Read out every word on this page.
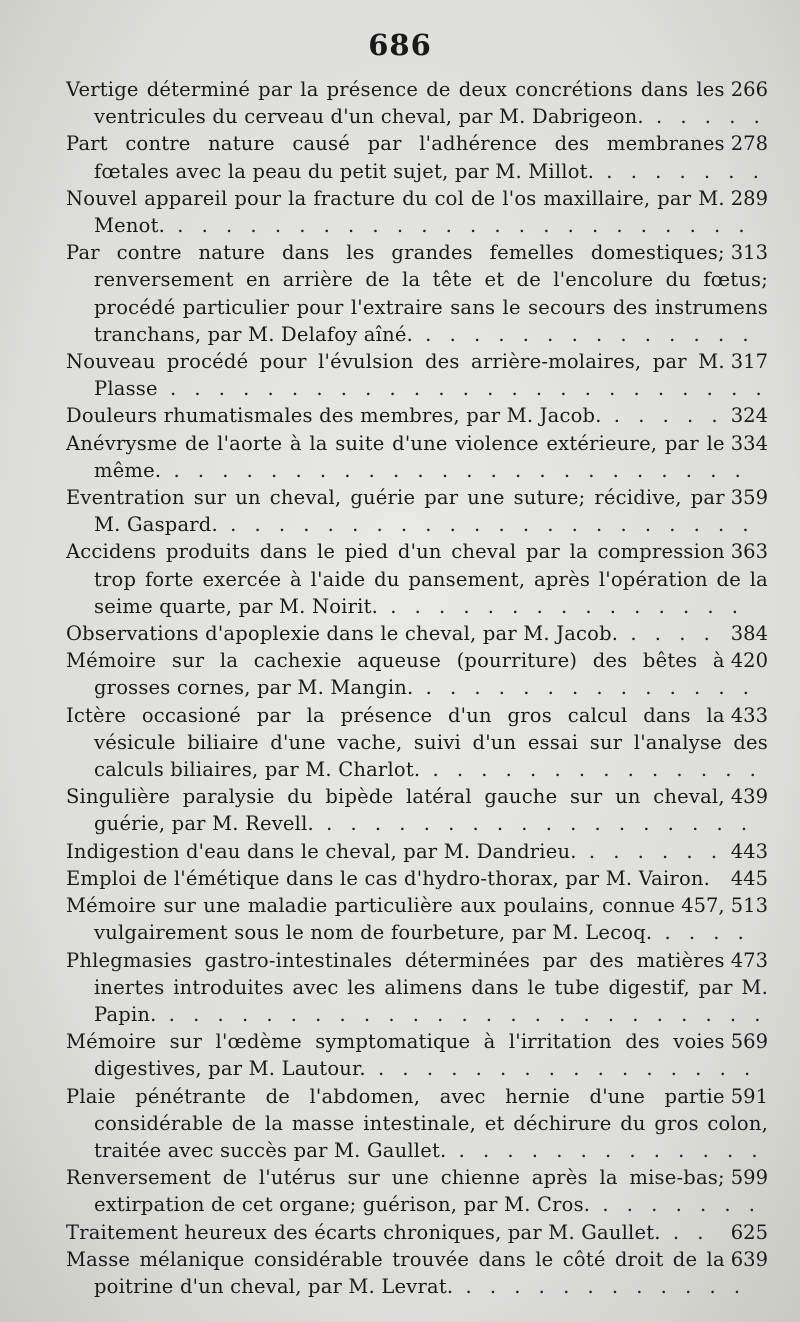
686
266
Vertige déterminé par la présence de deux concrétions dans les ventricules du cerveau d'un cheval, par M. Dabrigeon. . . . . .
278
Part contre nature causé par l'adhérence des membranes fœtales avec la peau du petit sujet, par M. Millot. . . . . . . .
289
Nouvel appareil pour la fracture du col de l'os maxillaire, par M. Menot. . . . . . . . . . . . . . . . . . . . . . . . .
313
Par contre nature dans les grandes femelles domestiques; renversement en arrière de la tête et de l'encolure du fœtus; procédé particulier pour l'extraire sans le secours des instrumens tranchans, par M. Delafoy aîné. . . . . . . . . . . . . . .
317
Nouveau procédé pour l'évulsion des arrière-molaires, par M. Plasse . . . . . . . . . . . . . . . . . . . . . . . . .
324
Douleurs rhumatismales des membres, par M. Jacob. . . . . .
334
Anévrysme de l'aorte à la suite d'une violence extérieure, par le même. . . . . . . . . . . . . . . . . . . . . . . . .
359
Eventration sur un cheval, guérie par une suture; récidive, par M. Gaspard. . . . . . . . . . . . . . . . . . . . . . .
363
Accidens produits dans le pied d'un cheval par la compression trop forte exercée à l'aide du pansement, après l'opération de la seime quarte, par M. Noirit. . . . . . . . . . . . . . . .
384
Observations d'apoplexie dans le cheval, par M. Jacob. . . . .
420
Mémoire sur la cachexie aqueuse (pourriture) des bêtes à grosses cornes, par M. Mangin. . . . . . . . . . . . . . .
433
Ictère occasioné par la présence d'un gros calcul dans la vésicule biliaire d'une vache, suivi d'un essai sur l'analyse des calculs biliaires, par M. Charlot. . . . . . . . . . . . . . .
439
Singulière paralysie du bipède latéral gauche sur un cheval, guérie, par M. Revell. . . . . . . . . . . . . . . . . . .
443
Indigestion d'eau dans le cheval, par M. Dandrieu. . . . . . .
445
Emploi de l'émétique dans le cas d'hydro-thorax, par M. Vairon.
457, 513
Mémoire sur une maladie particulière aux poulains, connue vulgairement sous le nom de fourbeture, par M. Lecoq. . . . .
473
Phlegmasies gastro-intestinales déterminées par des matières inertes introduites avec les alimens dans le tube digestif, par M. Papin. . . . . . . . . . . . . . . . . . . . . . . . . .
569
Mémoire sur l'œdème symptomatique à l'irritation des voies digestives, par M. Lautour. . . . . . . . . . . . . . . . .
591
Plaie pénétrante de l'abdomen, avec hernie d'une partie considérable de la masse intestinale, et déchirure du gros colon, traitée avec succès par M. Gaullet. . . . . . . . . . . . . .
599
Renversement de l'utérus sur une chienne après la mise-bas; extirpation de cet organe; guérison, par M. Cros. . . . . . . .
625
Traitement heureux des écarts chroniques, par M. Gaullet. . .
639
Masse mélanique considérable trouvée dans le côté droit de la poitrine d'un cheval, par M. Levrat. . . . . . . . . . . . .
